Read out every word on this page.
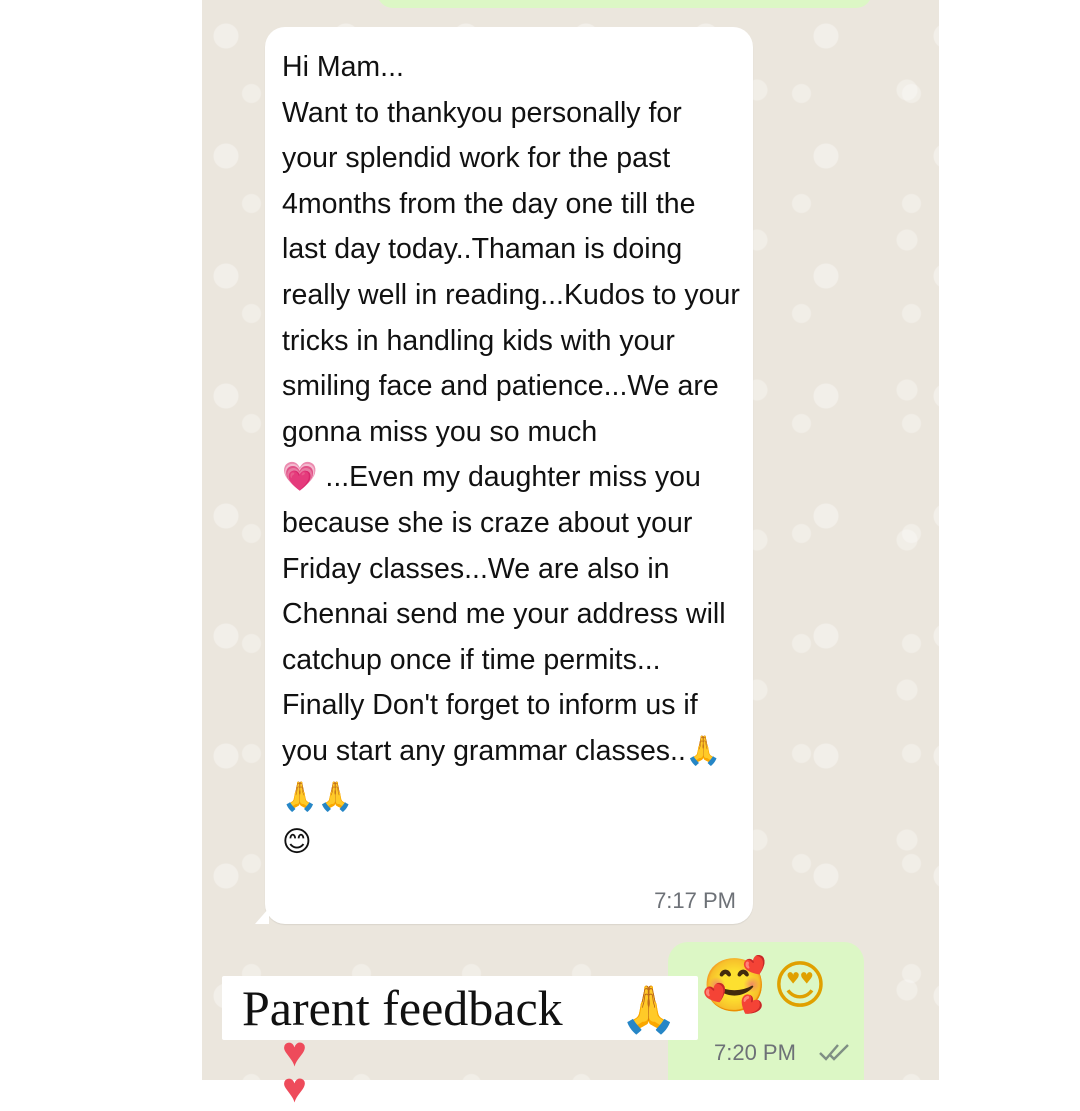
Hi Mam...
Want to thankyou personally for your splendid work for the past 4months from the day one till the last day today..Thaman is doing really well in reading...Kudos to your tricks in handling kids with your smiling face and patience...We are gonna miss you so much
💗 ...Even my daughter miss you because she is craze about your Friday classes...We are also in Chennai send me your address will catchup once if time permits... Finally Don't forget to inform us if you start any grammar classes..🙏🙏🙏
😊

7:17 PM
🥰😍
7:20 PM
Parent feedback 🙏
♥
♥
